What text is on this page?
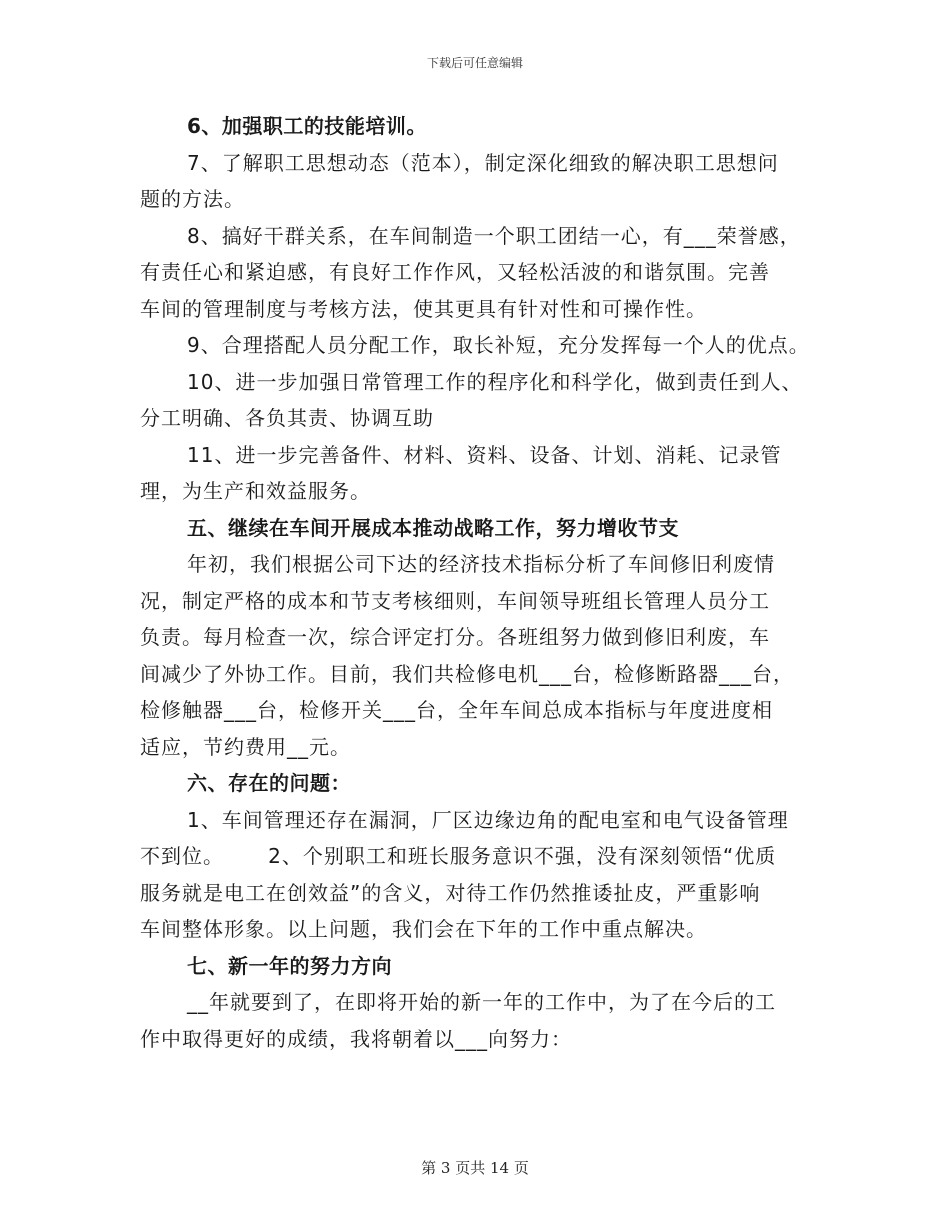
下载后可任意编辑
6、加强职工的技能培训。
7、了解职工思想动态（范本），制定深化细致的解决职工思想问
题的方法。
8、搞好干群关系，在车间制造一个职工团结一心，有___荣誉感，
有责任心和紧迫感，有良好工作作风，又轻松活波的和谐氛围。完善
车间的管理制度与考核方法，使其更具有针对性和可操作性。
9、合理搭配人员分配工作，取长补短，充分发挥每一个人的优点。
10、进一步加强日常管理工作的程序化和科学化，做到责任到人、
分工明确、各负其责、协调互助
11、进一步完善备件、材料、资料、设备、计划、消耗、记录管
理，为生产和效益服务。
五、继续在车间开展成本推动战略工作，努力增收节支
年初，我们根据公司下达的经济技术指标分析了车间修旧利废情
况，制定严格的成本和节支考核细则，车间领导班组长管理人员分工
负责。每月检查一次，综合评定打分。各班组努力做到修旧利废，车
间减少了外协工作。目前，我们共检修电机___台，检修断路器___台，
检修触器___台，检修开关___台，全年车间总成本指标与年度进度相
适应，节约费用__元。
六、存在的问题：
1、车间管理还存在漏洞，厂区边缘边角的配电室和电气设备管理
不到位。      2、个别职工和班长服务意识不强，没有深刻领悟“优质
服务就是电工在创效益”的含义，对待工作仍然推诿扯皮，严重影响
车间整体形象。以上问题，我们会在下年的工作中重点解决。
七、新一年的努力方向
__年就要到了，在即将开始的新一年的工作中，为了在今后的工
作中取得更好的成绩，我将朝着以___向努力：
第 3 页共 14 页
